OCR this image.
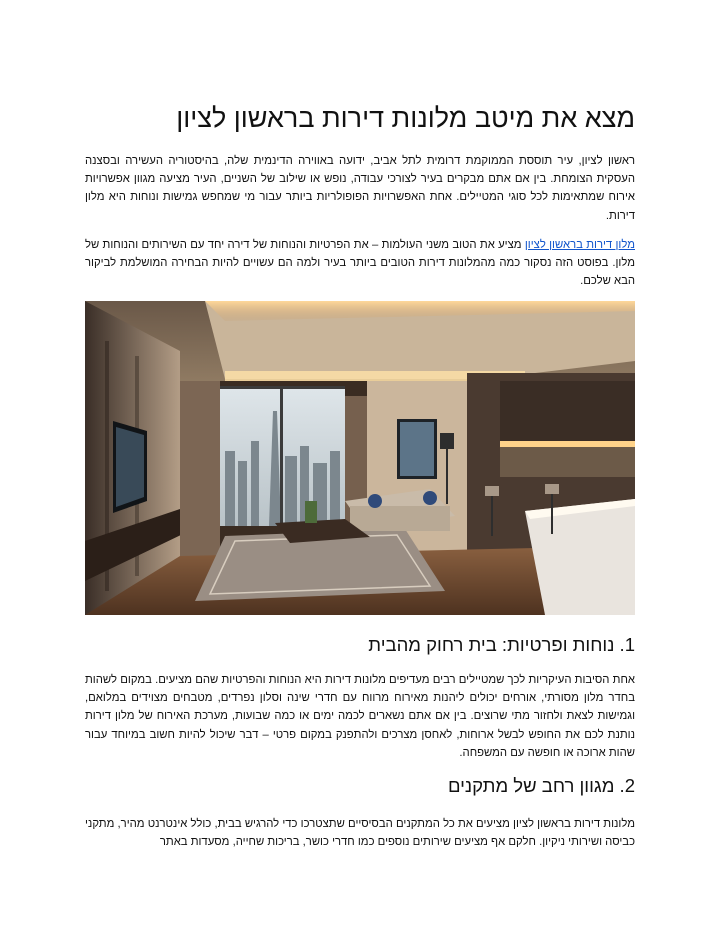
מצא את מיטב מלונות דירות בראשון לציון

ראשון לציון, עיר תוססת הממוקמת דרומית לתל אביב, ידועה באווירה הדינמית שלה, בהיסטוריה העשירה ובסצנה העסקית הצומחת. בין אם אתם מבקרים בעיר לצורכי עבודה, נופש או שילוב של השניים, העיר מציעה מגוון אפשרויות אירוח שמתאימות לכל סוגי המטיילים. אחת האפשרויות הפופולריות ביותר עבור מי שמחפש גמישות ונוחות היא מלון דירות.

מלון דירות בראשון לציון מציע את הטוב משני העולמות – את הפרטיות והנוחות של דירה יחד עם השירותים והנוחות של מלון. בפוסט הזה נסקור כמה מהמלונות דירות הטובים ביותר בעיר ולמה הם עשויים להיות הבחירה המושלמת לביקור הבא שלכם.

1. נוחות ופרטיות: בית רחוק מהבית

אחת הסיבות העיקריות לכך שמטיילים רבים מעדיפים מלונות דירות היא הנוחות והפרטיות שהם מציעים. במקום לשהות בחדר מלון מסורתי, אורחים יכולים ליהנות מאירוח מרווח עם חדרי שינה וסלון נפרדים, מטבחים מצוידים במלואם, וגמישות לצאת ולחזור מתי שרוצים. בין אם אתם נשארים לכמה ימים או כמה שבועות, מערכת האירוח של מלון דירות נותנת לכם את החופש לבשל ארוחות, לאחסן מצרכים ולהתפנק במקום פרטי – דבר שיכול להיות חשוב במיוחד עבור שהות ארוכה או חופשה עם המשפחה.

2. מגוון רחב של מתקנים

מלונות דירות בראשון לציון מציעים את כל המתקנים הבסיסיים שתצטרכו כדי להרגיש בבית, כולל אינטרנט מהיר, מתקני כביסה ושירותי ניקיון. חלקם אף מציעים שירותים נוספים כמו חדרי כושר, בריכות שחייה, מסעדות באתר
